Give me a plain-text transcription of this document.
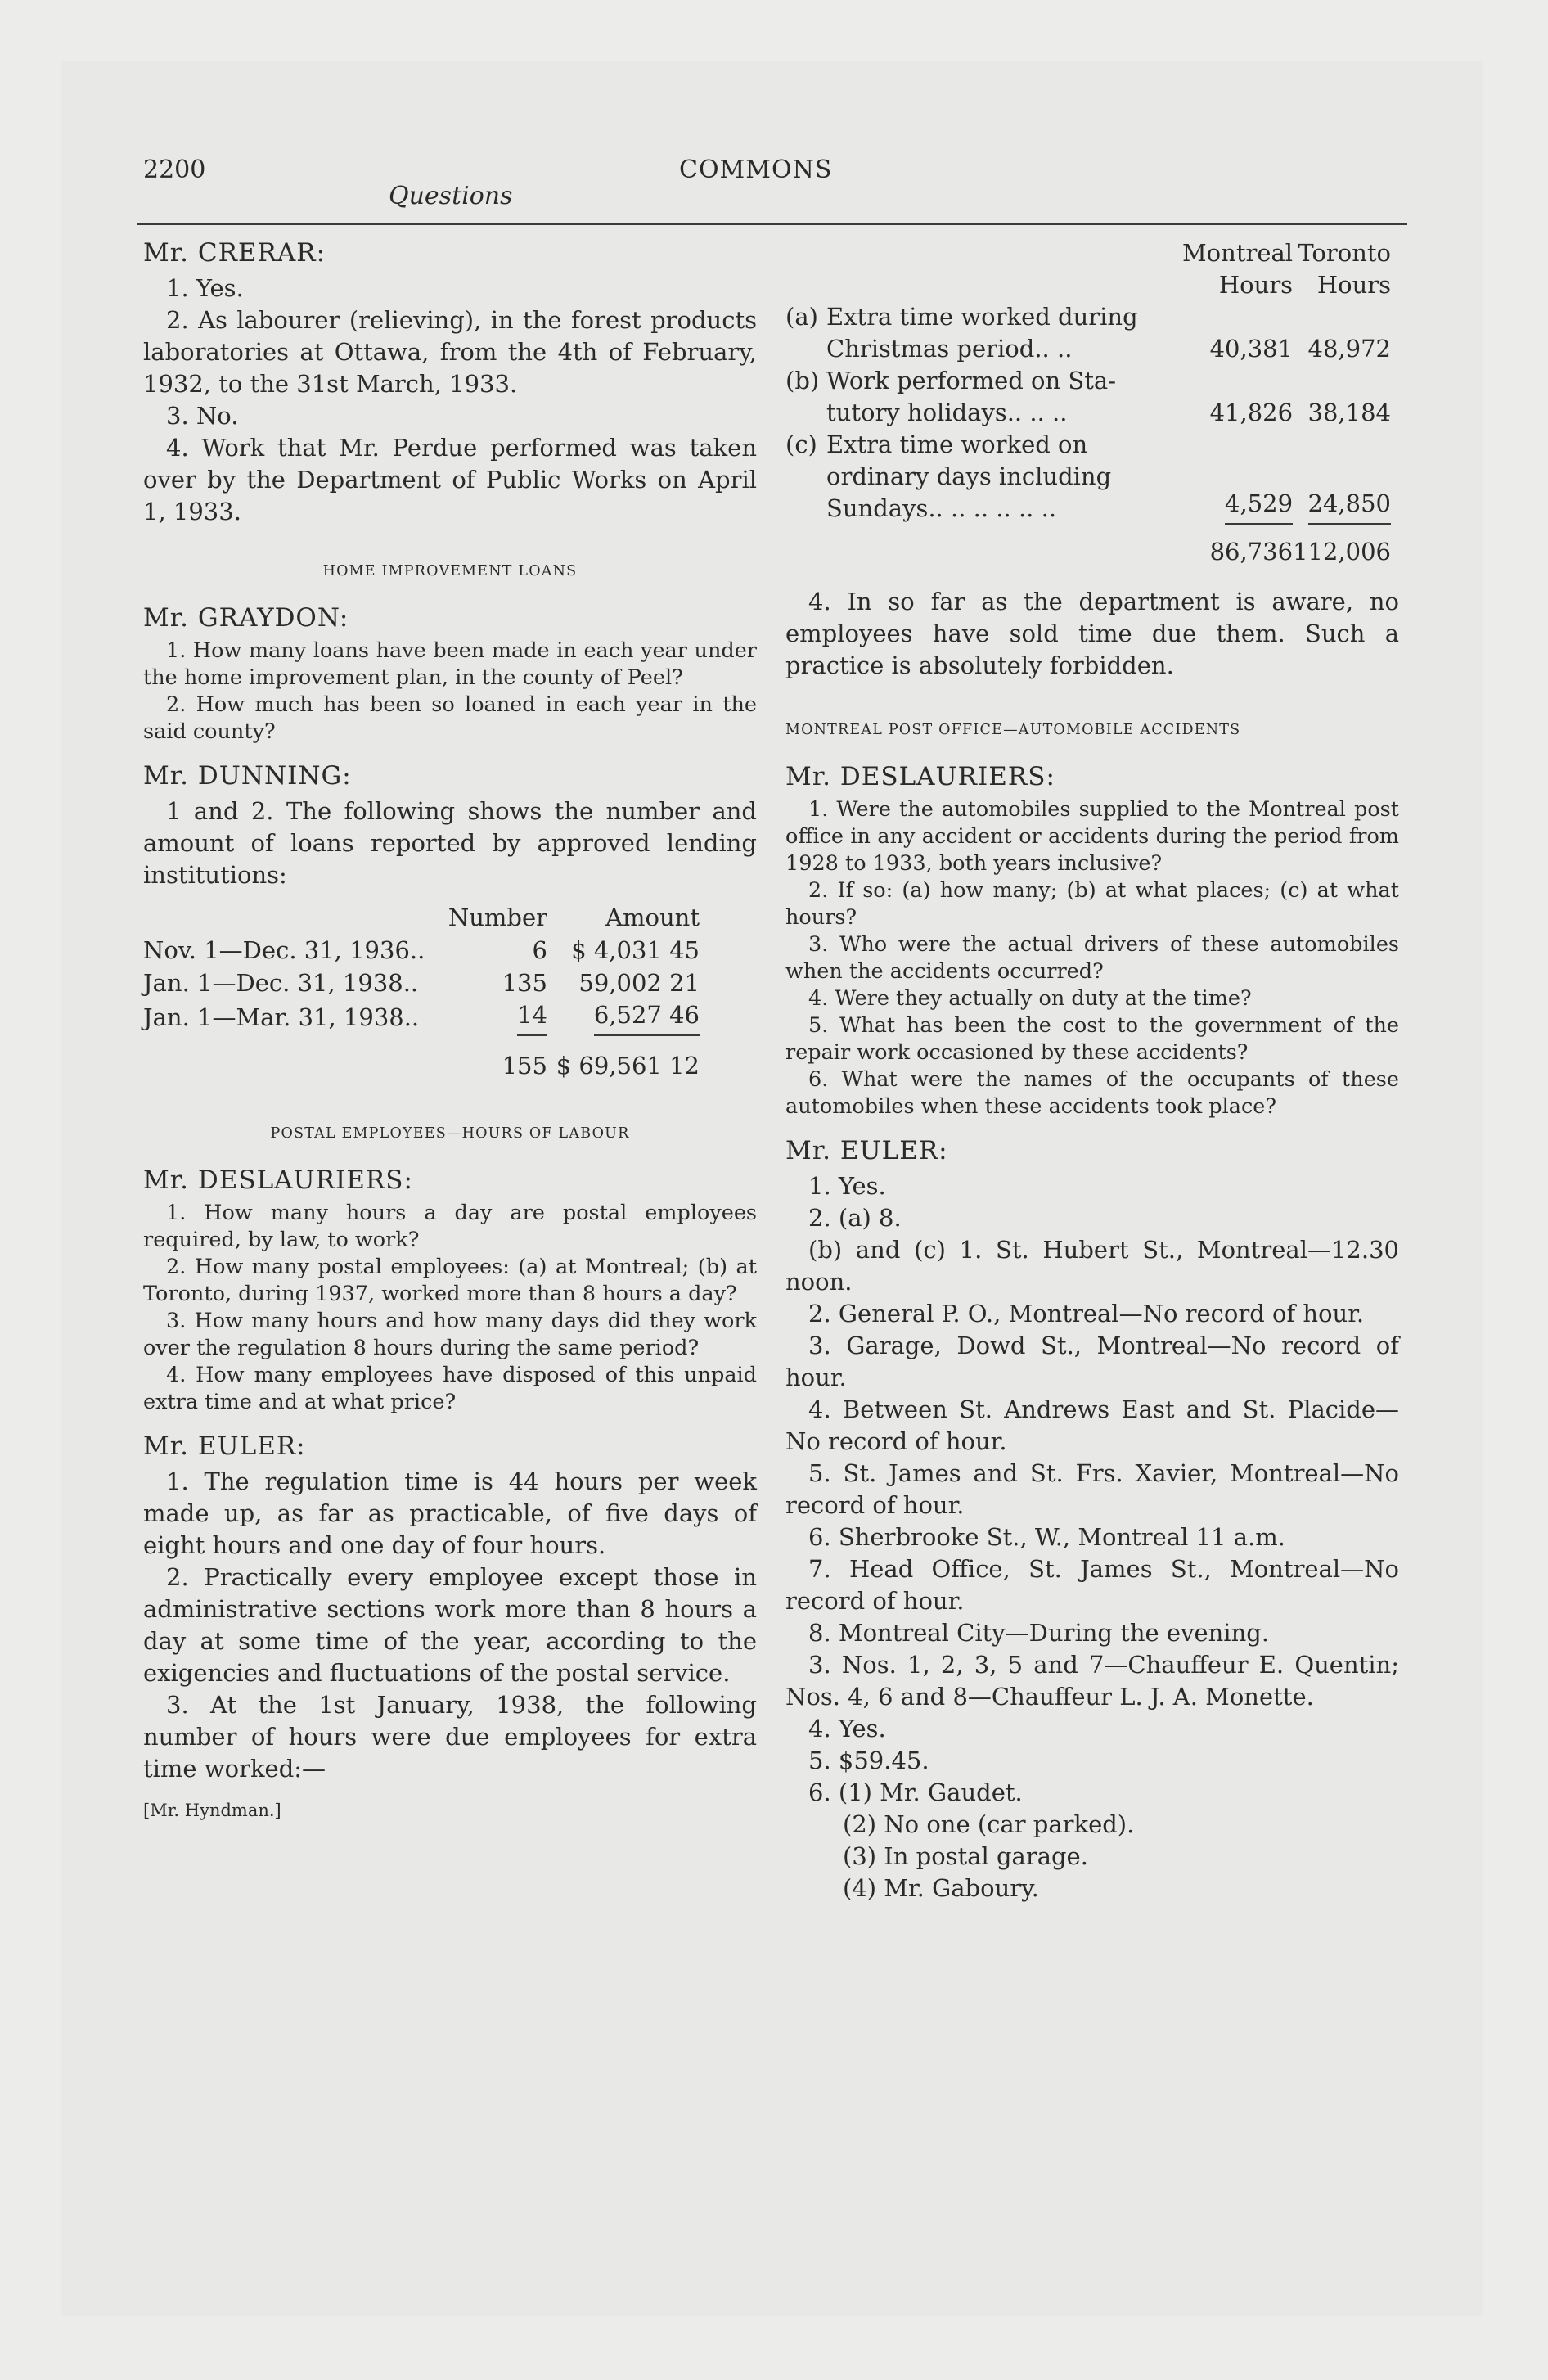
2200	COMMONS
Questions
Mr. CRERAR:

1. Yes.

2. As labourer (relieving), in the forest products laboratories at Ottawa, from the 4th of February, 1932, to the 31st March, 1933.

3. No.

4. Work that Mr. Perdue performed was taken over by the Department of Public Works on April 1, 1933.

HOME IMPROVEMENT LOANS
Mr. GRAYDON:

1. How many loans have been made in each year under the home improvement plan, in the county of Peel?

2. How much has been so loaned in each year in the said county?

Mr. DUNNING:

1 and 2. The following shows the number and amount of loans reported by approved lending institutions:

	Number	Amount
Nov. 1—Dec. 31, 1936..	6	$ 4,031 45
Jan. 1—Dec. 31, 1938..	135	59,002 21
Jan. 1—Mar. 31, 1938..	14	6,527 46
	155	$ 69,561 12
POSTAL EMPLOYEES—HOURS OF LABOUR
Mr. DESLAURIERS:

1. How many hours a day are postal employees required, by law, to work?

2. How many postal employees: (a) at Montreal; (b) at Toronto, during 1937, worked more than 8 hours a day?

3. How many hours and how many days did they work over the regulation 8 hours during the same period?

4. How many employees have disposed of this unpaid extra time and at what price?

Mr. EULER:

1. The regulation time is 44 hours per week made up, as far as practicable, of five days of eight hours and one day of four hours.

2. Practically every employee except those in administrative sections work more than 8 hours a day at some time of the year, according to the exigencies and fluctuations of the postal service.

3. At the 1st January, 1938, the following number of hours were due employees for extra time worked:—

[Mr. Hyndman.]
		Montreal	Toronto
		Hours	Hours
(a)	Extra time worked during
Christmas period.. ..	40,381	48,972
(b)	Work performed on Sta-
tutory holidays.. .. ..	41,826	38,184
(c)	Extra time worked on
ordinary days including
Sundays.. .. .. .. .. ..	4,529	24,850
		86,736	112,006

4. In so far as the department is aware, no employees have sold time due them. Such a practice is absolutely forbidden.

MONTREAL POST OFFICE—AUTOMOBILE ACCIDENTS
Mr. DESLAURIERS:

1. Were the automobiles supplied to the Montreal post office in any accident or accidents during the period from 1928 to 1933, both years inclusive?

2. If so: (a) how many; (b) at what places; (c) at what hours?

3. Who were the actual drivers of these automobiles when the accidents occurred?

4. Were they actually on duty at the time?

5. What has been the cost to the government of the repair work occasioned by these accidents?

6. What were the names of the occupants of these automobiles when these accidents took place?

Mr. EULER:

1. Yes.

2. (a) 8.

(b) and (c) 1. St. Hubert St., Montreal—12.30 noon.

2. General P. O., Montreal—No record of hour.

3. Garage, Dowd St., Montreal—No record of hour.

4. Between St. Andrews East and St. Placide—No record of hour.

5. St. James and St. Frs. Xavier, Montreal—No record of hour.

6. Sherbrooke St., W., Montreal 11 a.m.

7. Head Office, St. James St., Montreal—No record of hour.

8. Montreal City—During the evening.

3. Nos. 1, 2, 3, 5 and 7—Chauffeur E. Quentin; Nos. 4, 6 and 8—Chauffeur L. J. A. Monette.

4. Yes.

5. $59.45.

6. (1) Mr. Gaudet.

(2) No one (car parked).

(3) In postal garage.

(4) Mr. Gaboury.
